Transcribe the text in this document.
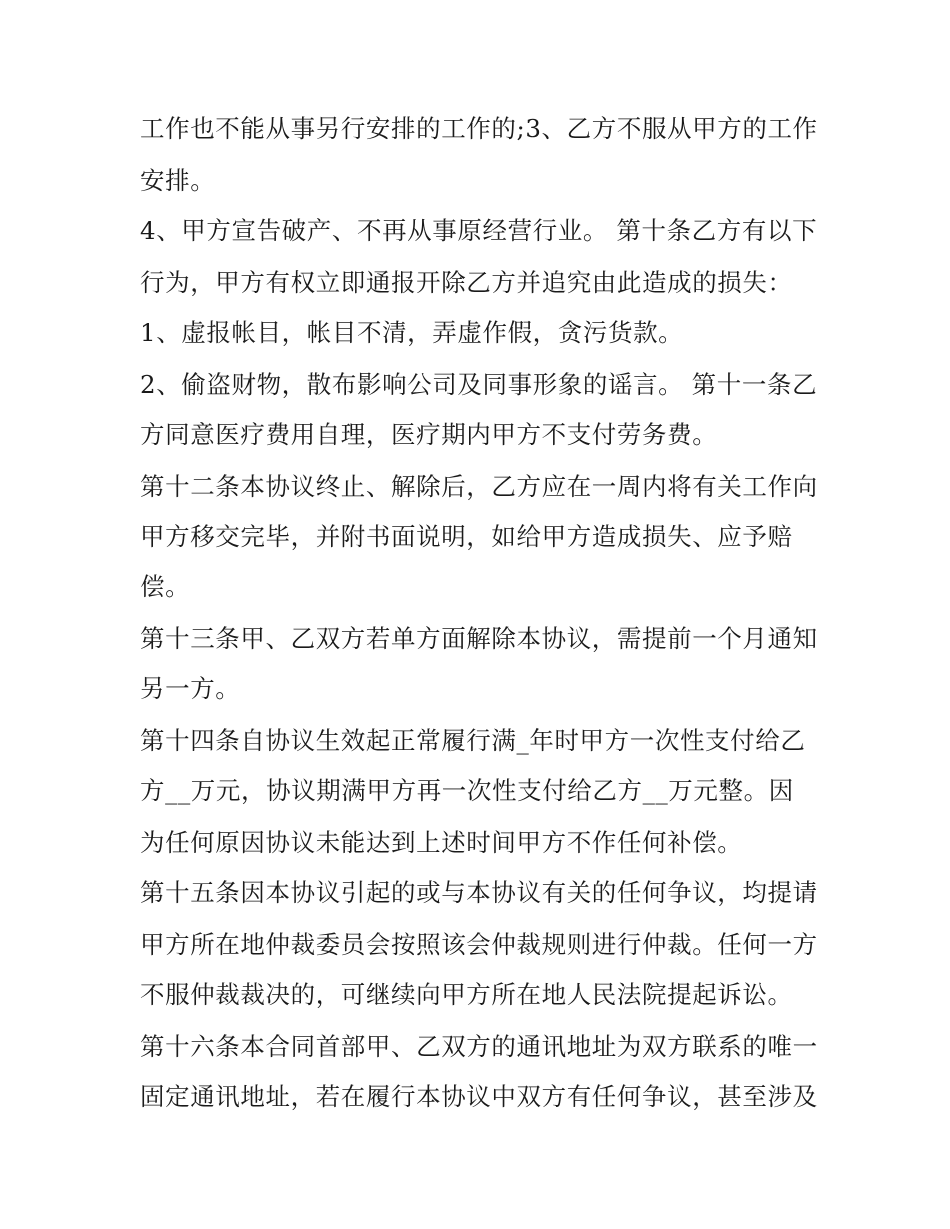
工作也不能从事另行安排的工作的;3、乙方不服从甲方的工作

安排。

4、甲方宣告破产、不再从事原经营行业。 第十条乙方有以下

行为，甲方有权立即通报开除乙方并追究由此造成的损失：

1、虚报帐目，帐目不清，弄虚作假，贪污货款。

2、偷盗财物，散布影响公司及同事形象的谣言。 第十一条乙

方同意医疗费用自理，医疗期内甲方不支付劳务费。

第十二条本协议终止、解除后，乙方应在一周内将有关工作向

甲方移交完毕，并附书面说明，如给甲方造成损失、应予赔

偿。

第十三条甲、乙双方若单方面解除本协议，需提前一个月通知

另一方。

第十四条自协议生效起正常履行满_年时甲方一次性支付给乙

方__万元，协议期满甲方再一次性支付给乙方__万元整。因

为任何原因协议未能达到上述时间甲方不作任何补偿。

第十五条因本协议引起的或与本协议有关的任何争议，均提请

甲方所在地仲裁委员会按照该会仲裁规则进行仲裁。任何一方

不服仲裁裁决的，可继续向甲方所在地人民法院提起诉讼。

第十六条本合同首部甲、乙双方的通讯地址为双方联系的唯一

固定通讯地址，若在履行本协议中双方有任何争议，甚至涉及
